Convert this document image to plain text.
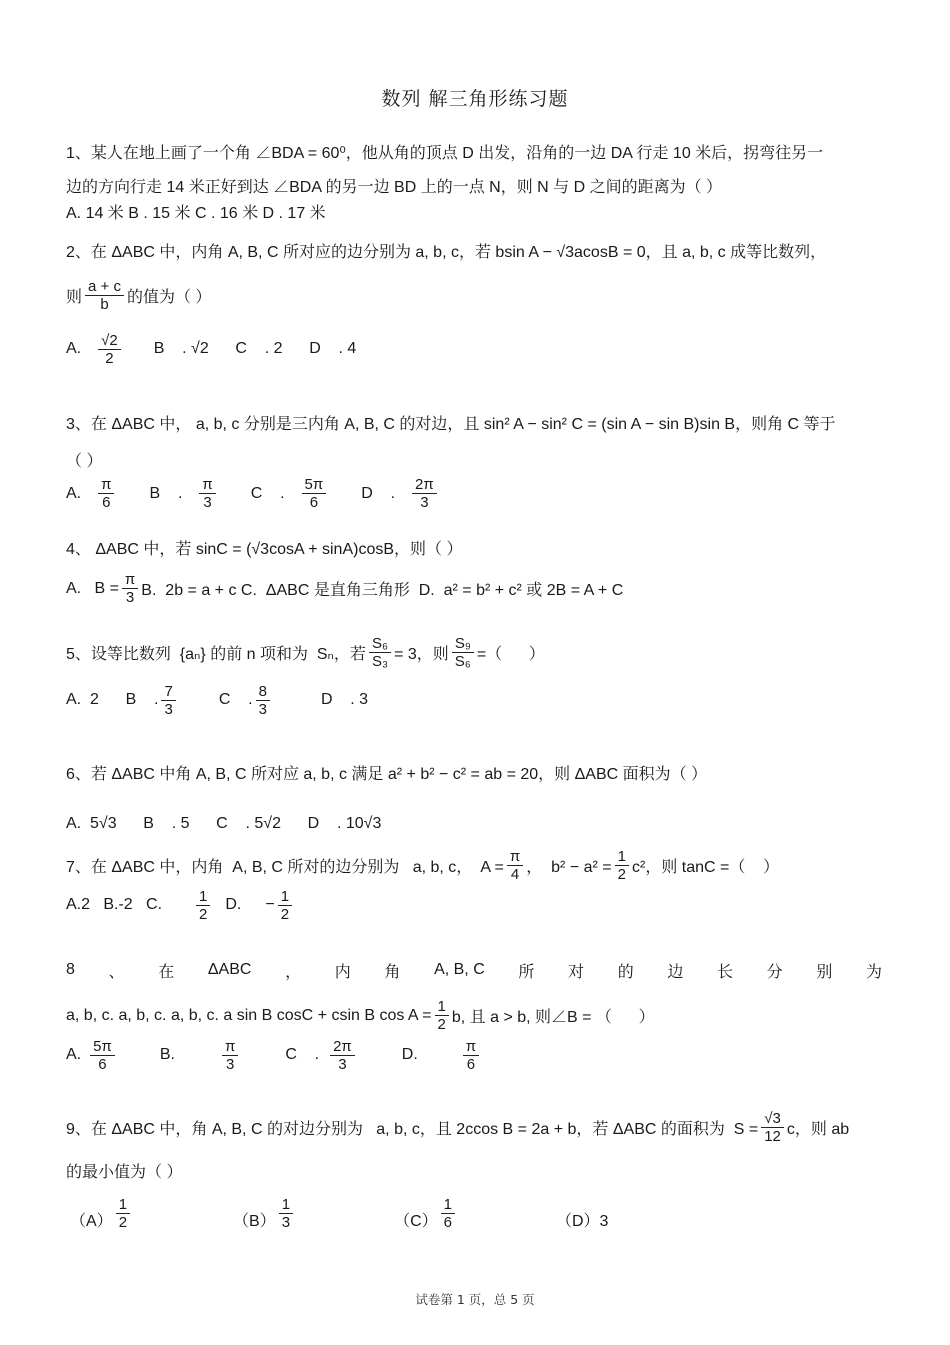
数列 解三角形练习题
1、某人在地上画了一个角 ∠BDA = 60⁰，他从角的顶点 D 出发，沿角的一边 DA 行走 10 米后，拐弯往另一
边的方向行走 14 米正好到达 ∠BDA 的另一边 BD 上的一点 N，则 N 与 D 之间的距离为（ ）
A. 14 米 B . 15 米 C . 16 米 D . 17 米
2、在 ΔABC 中，内角 A, B, C 所对应的边分别为 a, b, c，若 bsin A − √3acosB = 0，且 a, b, c 成等比数列，
则 $\frac{a + c}{b}$ 的值为（ ）
A. $\frac{√2}{2}$ B    . √2      C    . 2      D    . 4
3、在 ΔABC 中， a, b, c 分别是三内角 A, B, C 的对边，且 sin² A − sin² C = (sin A − sin B)sin B，则角 C 等于
（ ）
A. $\frac{\pi}{6}$ B    . $\frac{\pi}{3}$ C    . $\frac{5\pi}{6}$ D    . $\frac{2\pi}{3}$
4、 ΔABC 中，若 sinC = (√3cosA + sinA)cosB，则（ ）
A.   $B = \frac{\pi}{3} B$.  2b = a + c C.  ΔABC 是直角三角形  D.  a² = b² + c² 或 2B = A + C
5、设等比数列  {aₙ} 的前 n 项和为  Sₙ，若 $\frac{\text{S₆}}{\text{S₃}} = 3$，则 $\frac{\text{S₉}}{\text{S₆}}$ =（      ）
A.  2      B    . $\frac{7}{3}$	C    . $\frac{8}{3}$	D    . 3
6、若 ΔABC 中角 A, B, C 所对应 a, b, c 满足 a² + b² − c² = ab = 20，则 ΔABC 面积为（ ）
A.  5√3      B    . 5      C    . 5√2      D    . 10√3
7、在 ΔABC 中，内角  A, B, C 所对的边分别为   a, b, c，  $A = \frac{\pi}{4}$ ，  $b^2 - a^2 = \frac{1}{2} c^2$，则 tanC =（    ）
A.2   B.-2   C. $\frac{1}{2} D$. − $\frac{1}{2}$
8 、 在 ΔABC ， 内 角 A, B, C 所 对 的 边 长 分 别 为
a, b, c. a, b, c. a, b, c. a sin B cosC + csin B $\cos A = \frac{1}{2} b$, 且 a > b, 则∠B = （      ）
A. $\frac{5\pi}{6}$	B.	$\frac{\pi}{3}$	C    . $\frac{2\pi}{3}$	D.	$\frac{\pi}{6}$
9、在 ΔABC 中，角 A, B, C 的对边分别为   a, b, c，且 2ccos B = 2a + b，若 ΔABC 的面积为  $S = \frac{√3}{12}$ c，则 ab
的最小值为（ ）
$(A) \frac{1}{2}$	$(B) \frac{1}{3}$	$(C) \frac{1}{6}$	（D）3
试卷第 1 页，总 5 页
